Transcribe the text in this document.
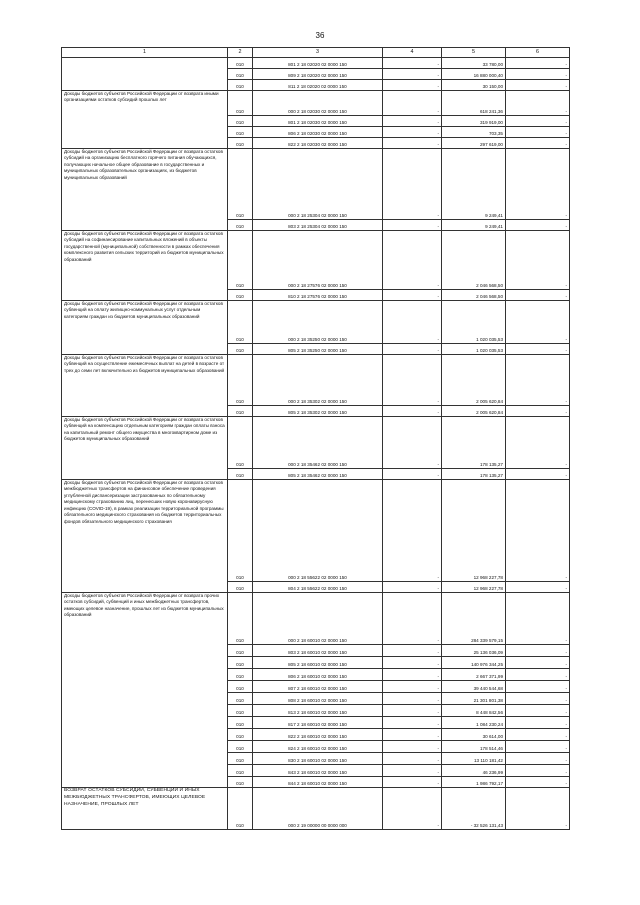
36
1	2	3	4	5	6

	010	801 2 18 02020 02 0000 150	-	33 780,00	-
	010	809 2 18 02020 02 0000 150	-	16 880 000,40	-
	010	811 2 18 02020 02 0000 150	-	30 150,00	-

Доходы бюджетов субъектов Российской Федерации от возврата иными организациями остатков субсидий прошлых лет	010	000 2 18 02030 02 0000 150	-	618 241,36	-
	010	801 2 18 02030 02 0000 150	-	319 919,00	-
	010	806 2 18 02030 02 0000 150	-	703,35	-
	010	822 2 18 02030 02 0000 150	-	297 619,00	-

Доходы бюджетов субъектов Российской Федерации от возврата остатков субсидий на организацию бесплатного горячего питания обучающихся, получающих начальное общее образование в государственных и муниципальных образовательных организациях, из бюджетов муниципальных образований	010	000 2 18 25304 02 0000 150	-	9 249,41	-
	010	803 2 18 25304 02 0000 150	-	9 249,41	-

Доходы бюджетов субъектов Российской Федерации от возврата остатков субсидий на софинансирование капитальных вложений в объекты государственной (муниципальной) собственности в рамках обеспечения комплексного развития сельских территорий из бюджетов муниципальных образований	010	000 2 18 27576 02 0000 150	-	2 046 568,50	-
	010	810 2 18 27576 02 0000 150	-	2 046 568,50	-

Доходы бюджетов субъектов Российской Федерации от возврата остатков субвенций на оплату жилищно-коммунальных услуг отдельным категориям граждан из бюджетов муниципальных образований	010	000 2 18 35250 02 0000 150	-	1 020 035,53	-
	010	805 2 18 35250 02 0000 150	-	1 020 035,53	-

Доходы бюджетов субъектов Российской Федерации от возврата остатков субвенций на осуществление ежемесячных выплат на детей в возрасте от трех до семи лет включительно из бюджетов муниципальных образований	010	000 2 18 35302 02 0000 150	-	2 005 620,84	-
	010	805 2 18 35302 02 0000 150	-	2 005 620,84	-

Доходы бюджетов субъектов Российской Федерации от возврата остатков субвенций на компенсацию отдельным категориям граждан оплаты взноса на капитальный ремонт общего имущества в многоквартирном доме из бюджетов муниципальных образований	010	000 2 18 35462 02 0000 150	-	178 135,27	-
	010	805 2 18 35462 02 0000 150	-	178 135,27	-

Доходы бюджетов субъектов Российской Федерации от возврата остатков межбюджетных трансфертов на финансовое обеспечение проведения углубленной диспансеризации застрахованных по обязательному медицинскому страхованию лиц, перенесших новую коронавирусную инфекцию (COVID-19), в рамках реализации территориальной программы обязательного медицинского страхования из бюджетов территориальных фондов обязательного медицинского страхования	010	000 2 18 55622 02 0000 150	-	12 968 227,78	-
	010	804 2 18 55622 02 0000 150	-	12 968 227,78	-

Доходы бюджетов субъектов Российской Федерации от возврата прочих остатков субсидий, субвенций и иных межбюджетных трансфертов, имеющих целевое назначение, прошлых лет из бюджетов муниципальных образований	010	000 2 18 60010 02 0000 150	-	284 339 579,15	-
	010	803 2 18 60010 02 0000 150	-	25 136 036,09	-
	010	805 2 18 60010 02 0000 150	-	140 976 344,25	-
	010	806 2 18 60010 02 0000 150	-	2 667 371,99	-
	010	807 2 18 60010 02 0000 150	-	39 440 544,68	-
	010	808 2 18 60010 02 0000 150	-	21 301 801,38	-
	010	813 2 18 60010 02 0000 150	-	8 448 842,56	-
	010	817 2 18 60010 02 0000 150	-	1 084 230,24	-
	010	822 2 18 60010 02 0000 150	-	30 614,00	-
	010	824 2 18 60010 02 0000 150	-	178 514,46	-
	010	830 2 18 60010 02 0000 150	-	13 110 181,42	-
	010	843 2 18 60010 02 0000 150	-	46 236,99	-
	010	844 2 18 60010 02 0000 150	-	1 986 792,17	-

ВОЗВРАТ ОСТАТКОВ СУБСИДИЙ, СУБВЕНЦИЙ И ИНЫХ МЕЖБЮДЖЕТНЫХ ТРАНСФЕРТОВ, ИМЕЮЩИХ ЦЕЛЕВОЕ НАЗНАЧЕНИЕ, ПРОШЛЫХ ЛЕТ	010	000 2 19 00000 00 0000 000	-	- 32 526 131,43	-
